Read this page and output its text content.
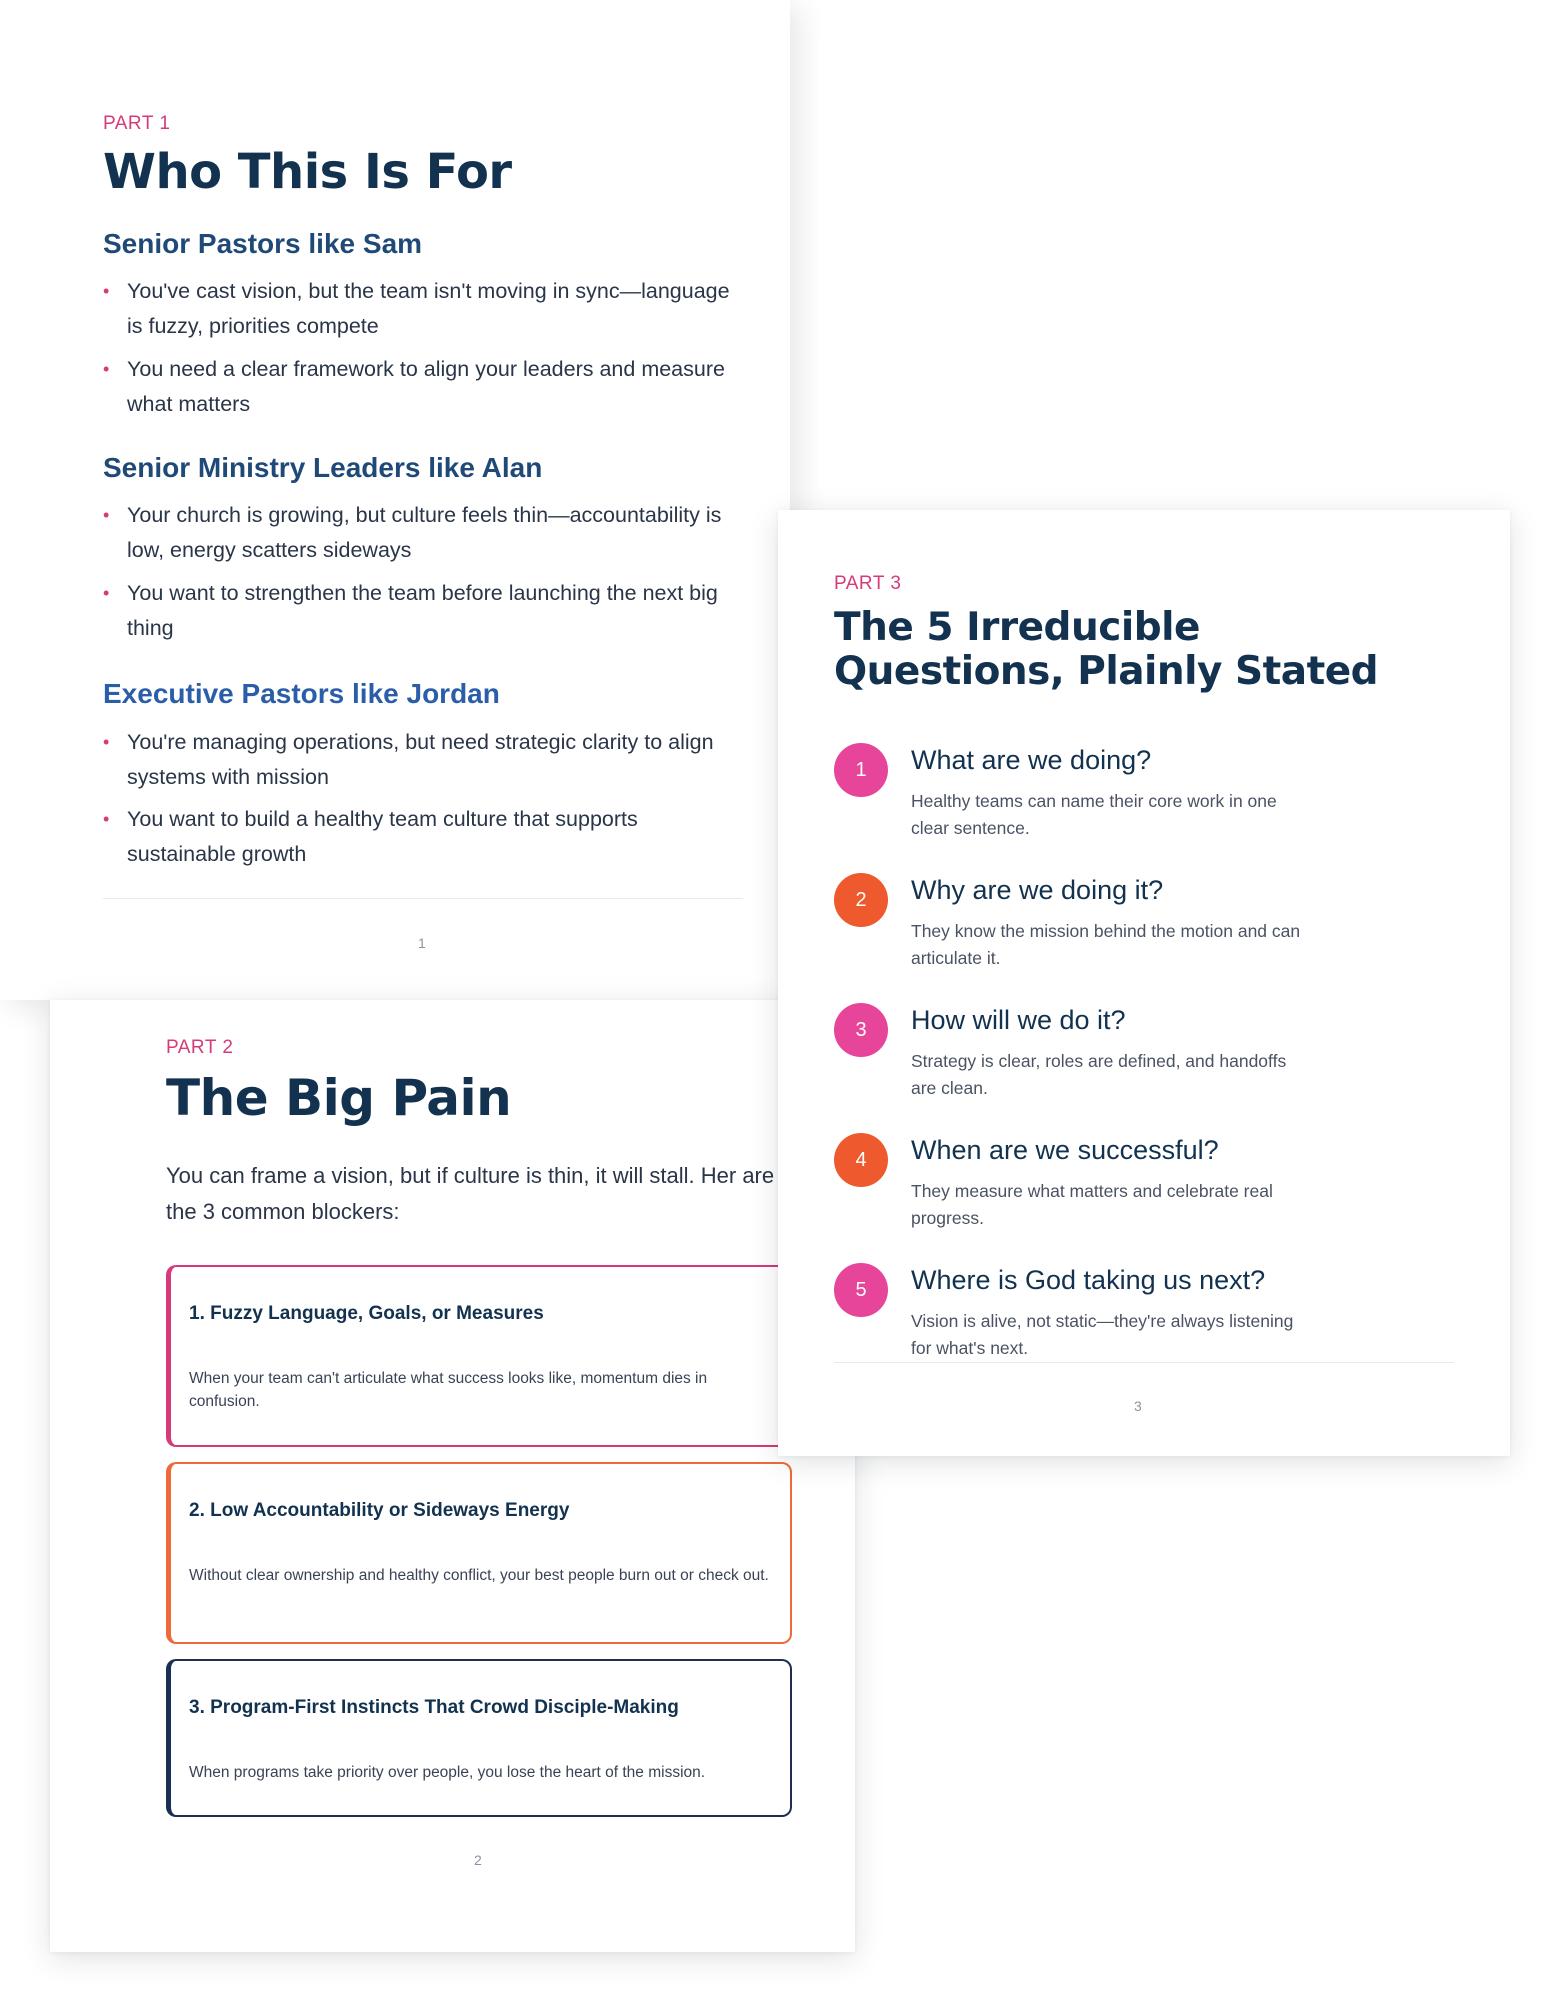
PART 1
Who This Is For
Senior Pastors like Sam
• You've cast vision, but the team isn't moving in sync—language is fuzzy, priorities compete
• You need a clear framework to align your leaders and measure what matters
Senior Ministry Leaders like Alan
• Your church is growing, but culture feels thin—accountability is low, energy scatters sideways
• You want to strengthen the team before launching the next big thing
Executive Pastors like Jordan
• You're managing operations, but need strategic clarity to align systems with mission
• You want to build a healthy team culture that supports sustainable growth
1
PART 2
The Big Pain
You can frame a vision, but if culture is thin, it will stall. Her are the 3 common blockers:
1. Fuzzy Language, Goals, or Measures
When your team can't articulate what success looks like, momentum dies in confusion.
2. Low Accountability or Sideways Energy
Without clear ownership and healthy conflict, your best people burn out or check out.
3. Program-First Instincts That Crowd Disciple-Making
When programs take priority over people, you lose the heart of the mission.
2
PART 3
The 5 Irreducible
Questions, Plainly Stated
1	What are we doing?
Healthy teams can name their core work in one clear sentence.
2	Why are we doing it?
They know the mission behind the motion and can articulate it.
3	How will we do it?
Strategy is clear, roles are defined, and handoffs are clean.
4	When are we successful?
They measure what matters and celebrate real progress.
5	Where is God taking us next?
Vision is alive, not static—they're always listening for what's next.
3
